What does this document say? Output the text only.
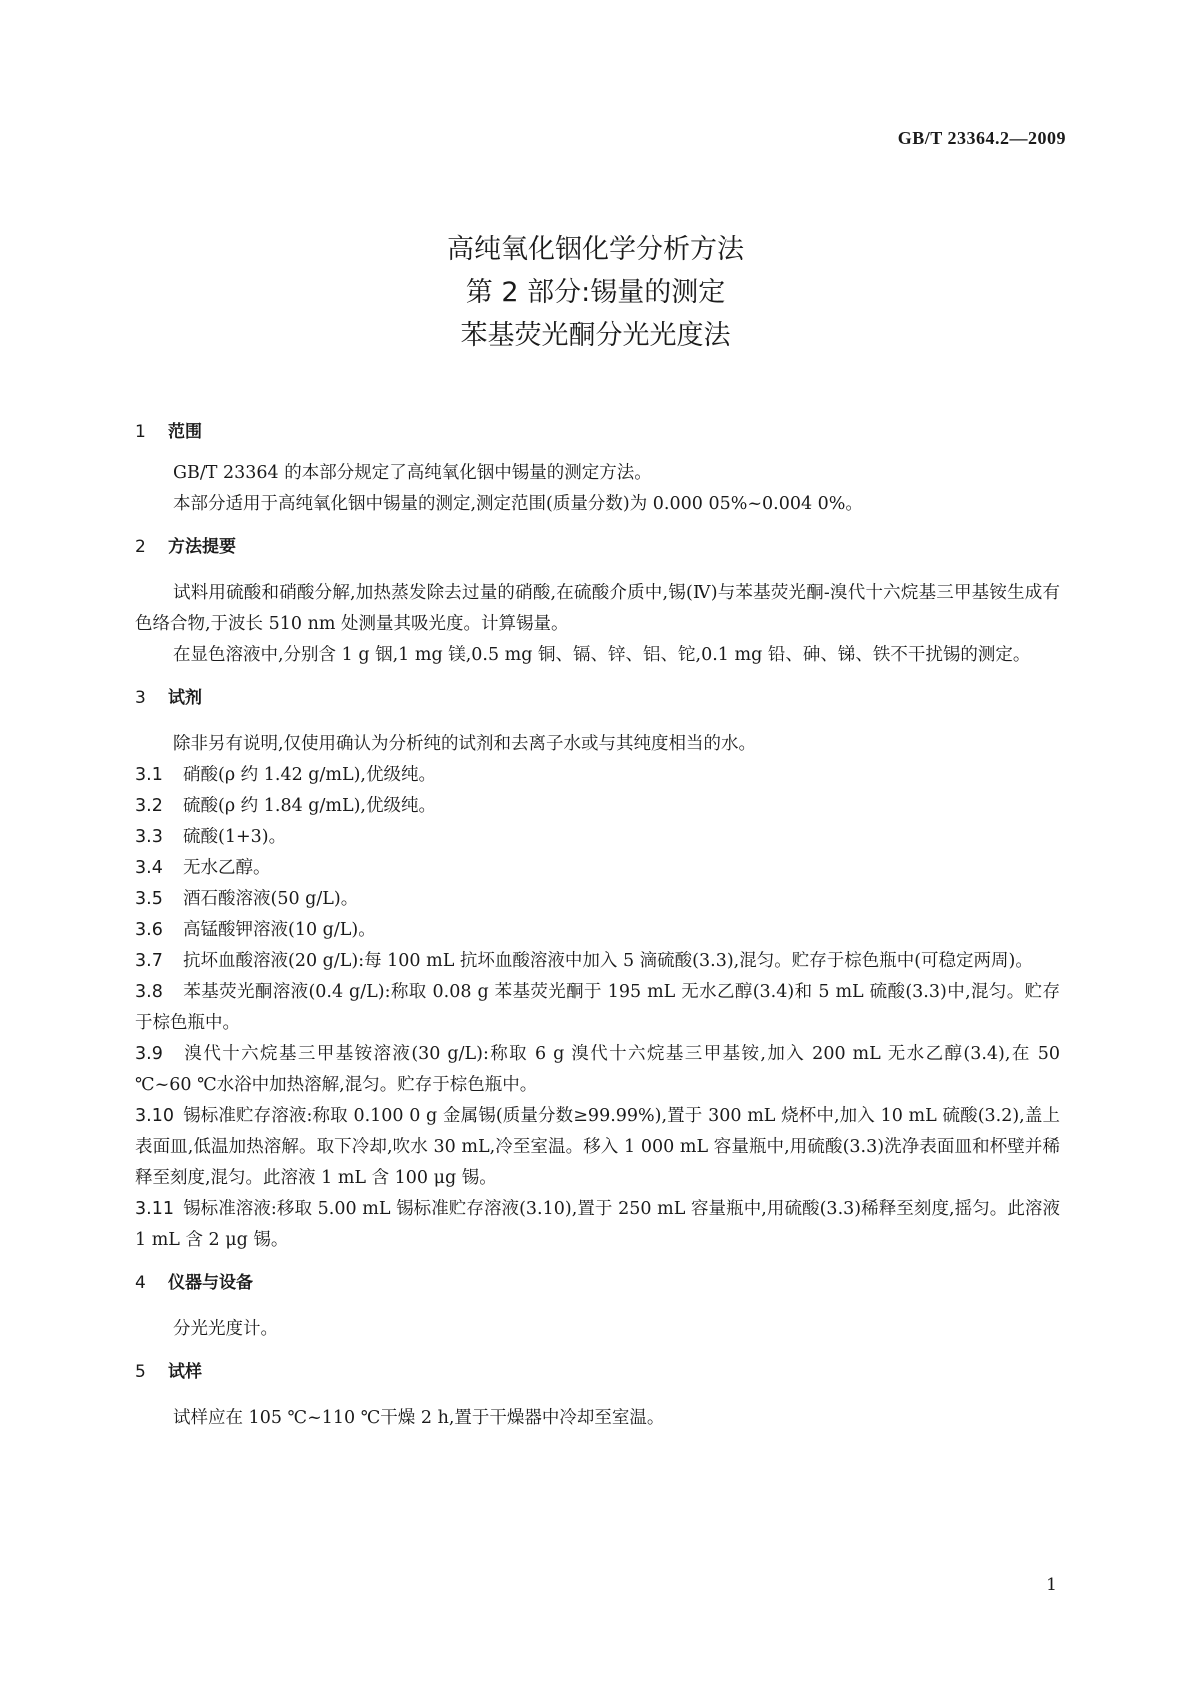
GB/T 23364.2—2009
高纯氧化铟化学分析方法
第 2 部分:锡量的测定
苯基荧光酮分光光度法
1 范围
GB/T 23364 的本部分规定了高纯氧化铟中锡量的测定方法。
本部分适用于高纯氧化铟中锡量的测定,测定范围(质量分数)为 0.000 05%~0.004 0%。
2 方法提要
试料用硫酸和硝酸分解,加热蒸发除去过量的硝酸,在硫酸介质中,锡(Ⅳ)与苯基荧光酮-溴代十六烷基三甲基铵生成有色络合物,于波长 510 nm 处测量其吸光度。计算锡量。
在显色溶液中,分别含 1 g 铟,1 mg 镁,0.5 mg 铜、镉、锌、铝、铊,0.1 mg 铅、砷、锑、铁不干扰锡的测定。
3 试剂
除非另有说明,仅使用确认为分析纯的试剂和去离子水或与其纯度相当的水。
3.1 硝酸(ρ 约 1.42 g/mL),优级纯。
3.2 硫酸(ρ 约 1.84 g/mL),优级纯。
3.3 硫酸(1+3)。
3.4 无水乙醇。
3.5 酒石酸溶液(50 g/L)。
3.6 高锰酸钾溶液(10 g/L)。
3.7 抗坏血酸溶液(20 g/L):每 100 mL 抗坏血酸溶液中加入 5 滴硫酸(3.3),混匀。贮存于棕色瓶中(可稳定两周)。
3.8 苯基荧光酮溶液(0.4 g/L):称取 0.08 g 苯基荧光酮于 195 mL 无水乙醇(3.4)和 5 mL 硫酸(3.3)中,混匀。贮存于棕色瓶中。
3.9 溴代十六烷基三甲基铵溶液(30 g/L):称取 6 g 溴代十六烷基三甲基铵,加入 200 mL 无水乙醇(3.4),在 50 ℃~60 ℃水浴中加热溶解,混匀。贮存于棕色瓶中。
3.10 锡标准贮存溶液:称取 0.100 0 g 金属锡(质量分数≥99.99%),置于 300 mL 烧杯中,加入 10 mL 硫酸(3.2),盖上表面皿,低温加热溶解。取下冷却,吹水 30 mL,冷至室温。移入 1 000 mL 容量瓶中,用硫酸(3.3)洗净表面皿和杯壁并稀释至刻度,混匀。此溶液 1 mL 含 100 μg 锡。
3.11 锡标准溶液:移取 5.00 mL 锡标准贮存溶液(3.10),置于 250 mL 容量瓶中,用硫酸(3.3)稀释至刻度,摇匀。此溶液 1 mL 含 2 μg 锡。
4 仪器与设备
分光光度计。
5 试样
试样应在 105 ℃~110 ℃干燥 2 h,置于干燥器中冷却至室温。
1
